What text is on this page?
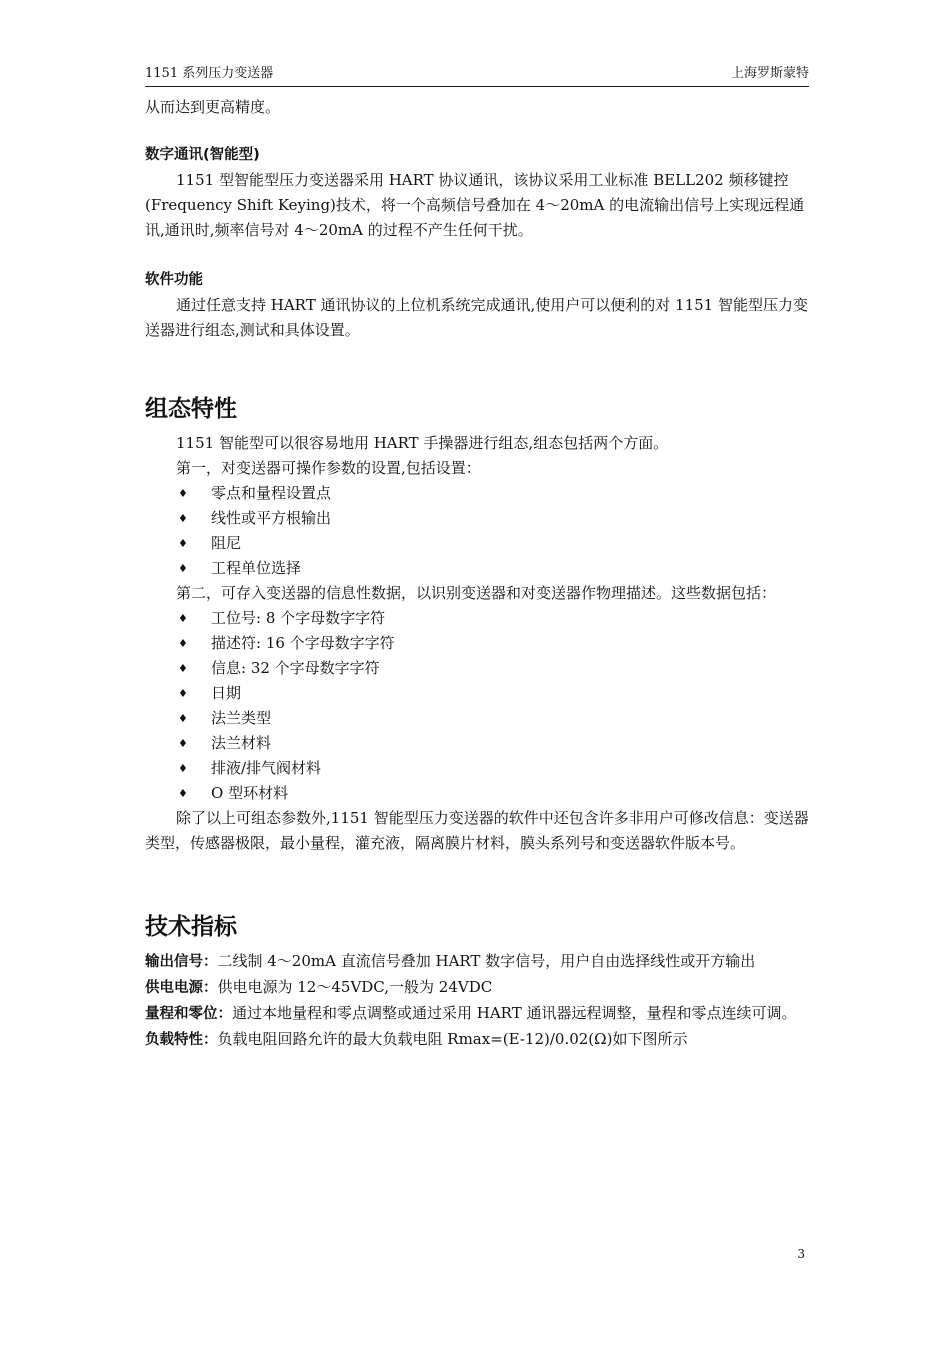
1151 系列压力变送器	上海罗斯蒙特
从而达到更高精度。
数字通讯(智能型)
1151 型智能型压力变送器采用 HART 协议通讯，该协议采用工业标准 BELL202 频移键控(Frequency Shift Keying)技术，将一个高频信号叠加在 4～20mA 的电流输出信号上实现远程通讯,通讯时,频率信号对 4～20mA 的过程不产生任何干扰。
软件功能
通过任意支持 HART 通讯协议的上位机系统完成通讯,使用户可以便利的对 1151 智能型压力变送器进行组态,测试和具体设置。
组态特性
1151 智能型可以很容易地用 HART 手操器进行组态,组态包括两个方面。
第一，对变送器可操作参数的设置,包括设置：
♦ 零点和量程设置点
♦ 线性或平方根输出
♦ 阻尼
♦ 工程单位选择
第二，可存入变送器的信息性数据，以识别变送器和对变送器作物理描述。这些数据包括：
♦ 工位号: 8 个字母数字字符
♦ 描述符: 16 个字母数字字符
♦ 信息: 32 个字母数字字符
♦ 日期
♦ 法兰类型
♦ 法兰材料
♦ 排液/排气阀材料
♦ O 型环材料
除了以上可组态参数外,1151 智能型压力变送器的软件中还包含许多非用户可修改信息：变送器类型，传感器极限，最小量程，灌充液，隔离膜片材料，膜头系列号和变送器软件版本号。
技术指标
输出信号：二线制 4～20mA 直流信号叠加 HART 数字信号，用户自由选择线性或开方输出
供电电源：供电电源为 12～45VDC,一般为 24VDC
量程和零位：通过本地量程和零点调整或通过采用 HART 通讯器远程调整，量程和零点连续可调。
负载特性：负载电阻回路允许的最大负载电阻 Rmax=(E-12)/0.02(Ω)如下图所示
3
